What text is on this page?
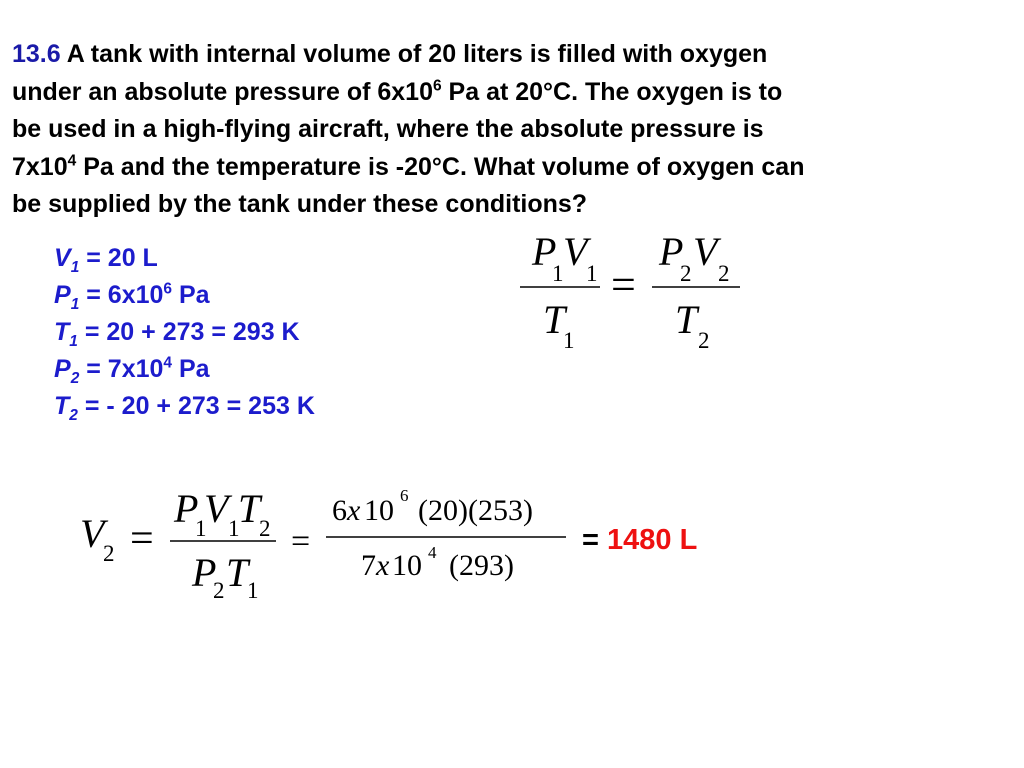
13.6 A tank with internal volume of 20 liters is filled with oxygen
under an absolute pressure of $6x10^6$ Pa at 20°C. The oxygen is to
be used in a high-flying aircraft, where the absolute pressure is
$7x10^4$ Pa and the temperature is -20°C. What volume of oxygen can
be supplied by the tank under these conditions?

$V_1 = 20$ L
$P_1 = 6x10^6$ Pa
$T_1 = 20 + 273 = 293$ K
$P_2 = 7x10^4$ Pa
$T_2$ = - 20 + 273 = 253 K
P
1 V
1
T
1
=
P
2 V 2
T 2
V
2 =
P
1
V 1
T
2
P
2 T
1
=
6 x 10 6 (20)(253)
7 x 10 4 (293)
= 1480 L
